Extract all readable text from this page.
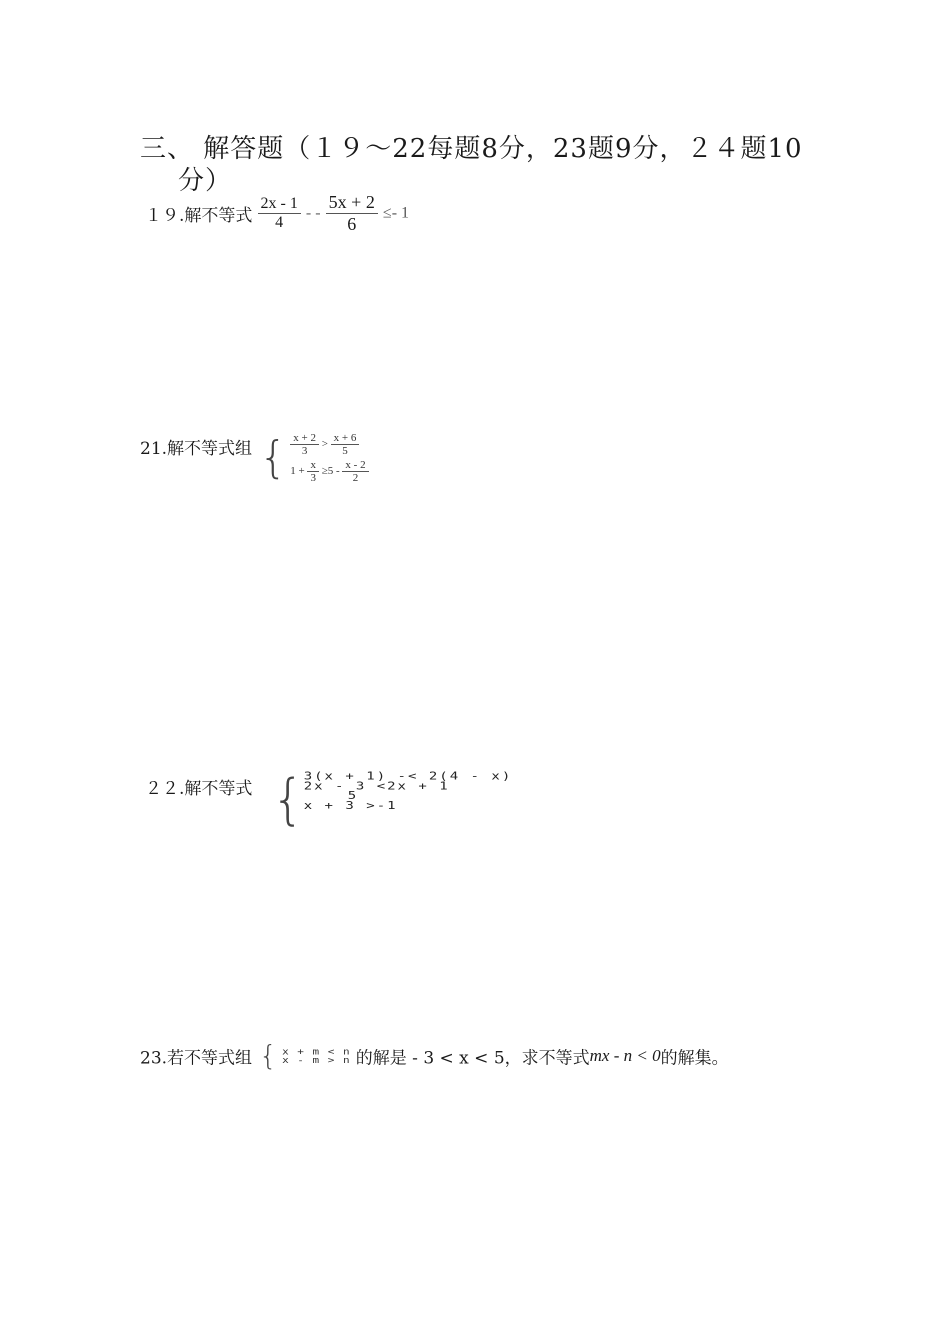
三、 解答题（１９～22每题8分，23题9分，２４题10
分）
１９.解不等式 $\frac{2x - 1}{4}$ - - $\frac{5x + 2}{6} \le- 1$
21.解不等式组 { $\frac{x + 2}{3} > \frac{x + 6}{5}$
$1 + \frac{x}{3} \ge 5 - \frac{x - 2}{2}$
２２.解不等式 { 3(x + 1) -< 2(4 - x)
2x - 3 <2x + 1
5
x + 3 >-1
23.若不等式组 { x + m < n
x - m > n 的解是 - 3 < x < 5，求不等式mx - n < 0的解集。
